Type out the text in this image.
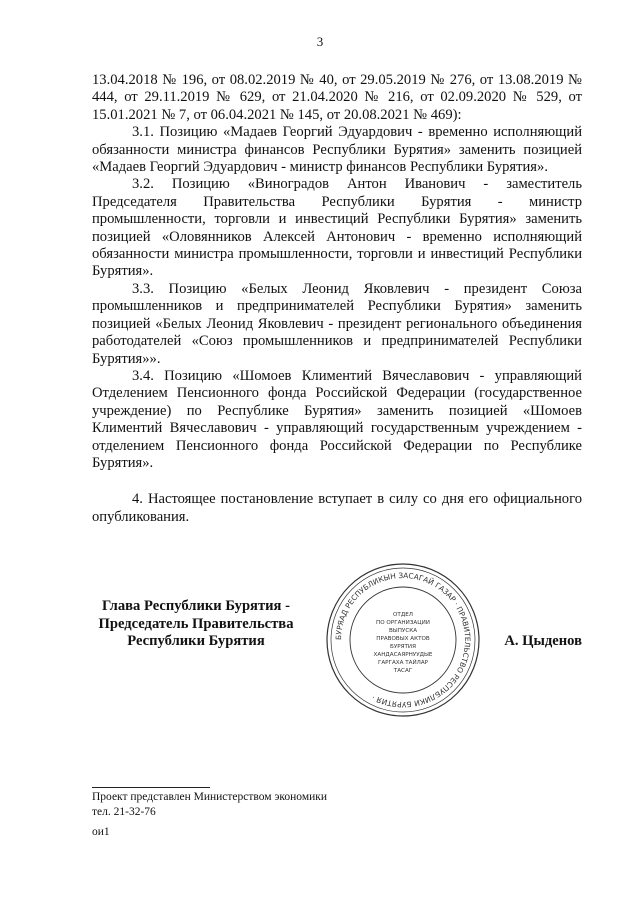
3

13.04.2018 № 196, от 08.02.2019 № 40, от 29.05.2019 № 276, от 13.08.2019 № 444, от 29.11.2019 № 629, от 21.04.2020 № 216, от 02.09.2020 № 529, от 15.01.2021 № 7, от 06.04.2021 № 145, от 20.08.2021 № 469):

3.1. Позицию «Мадаев Георгий Эдуардович - временно исполняющий обязанности министра финансов Республики Бурятия» заменить позицией «Мадаев Георгий Эдуардович - министр финансов Республики Бурятия».

3.2. Позицию «Виноградов Антон Иванович - заместитель Председателя Правительства Республики Бурятия - министр промышленности, торговли и инвестиций Республики Бурятия» заменить позицией «Оловянников Алексей Антонович - временно исполняющий обязанности министра промышленности, торговли и инвестиций Республики Бурятия».

3.3. Позицию «Белых Леонид Яковлевич - президент Союза промышленников и предпринимателей Республики Бурятия» заменить позицией «Белых Леонид Яковлевич - президент регионального объединения работодателей «Союз промышленников и предпринимателей Республики Бурятия»».

3.4. Позицию «Шомоев Климентий Вячеславович - управляющий Отделением Пенсионного фонда Российской Федерации (государственное учреждение) по Республике Бурятия» заменить позицией «Шомоев Климентий Вячеславович - управляющий государственным учреждением - отделением Пенсионного фонда Российской Федерации по Республике Бурятия».

4. Настоящее постановление вступает в силу со дня его официального опубликования.

Глава Республики Бурятия -
Председатель Правительства
Республики Бурятия	БУРЯАД РЕСПУБЛИКЫН ЗАСАГАЙ ГАЗАР · ПРАВИТЕЛЬСТВО РЕСПУБЛИКИ БУРЯТИЯ ·
ОТДЕЛ
ПО ОРГАНИЗАЦИИ
ВЫПУСКА
ПРАВОВЫХ АКТОВ
БУРЯТИЯ
ХАНДАСАЯРНУУДЫЕ
ГАРГАХА ТАЙЛАР
ТАСАГ
А. Цыденов
Проект представлен Министерством экономики
тел. 21-32-76
ои1
